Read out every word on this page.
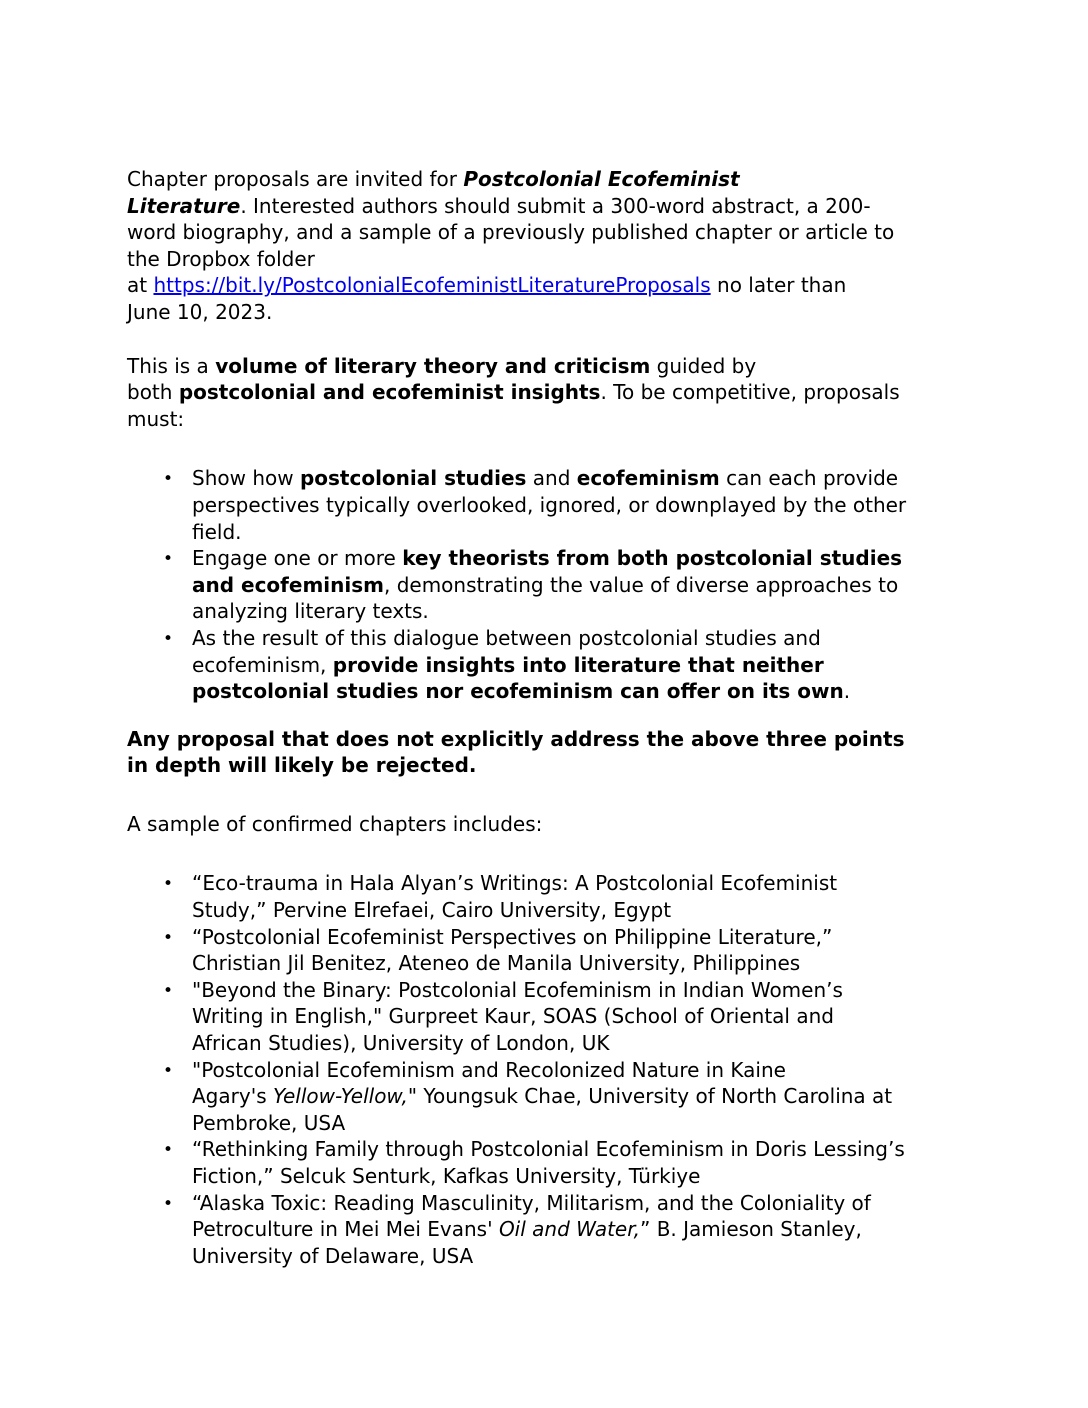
Chapter proposals are invited for Postcolonial Ecofeminist
Literature. Interested authors should submit a 300-word abstract, a 200-
word biography, and a sample of a previously published chapter or article to
the Dropbox folder
at https://bit.ly/PostcolonialEcofeministLiteratureProposals no later than
June 10, 2023.
This is a volume of literary theory and criticism guided by
both postcolonial and ecofeminist insights. To be competitive, proposals
must:
• Show how postcolonial studies and ecofeminism can each provide
perspectives typically overlooked, ignored, or downplayed by the other
field.
• Engage one or more key theorists from both postcolonial studies
and ecofeminism, demonstrating the value of diverse approaches to
analyzing literary texts.
• As the result of this dialogue between postcolonial studies and
ecofeminism, provide insights into literature that neither
postcolonial studies nor ecofeminism can offer on its own.
Any proposal that does not explicitly address the above three points
in depth will likely be rejected.
A sample of confirmed chapters includes:
• “Eco-trauma in Hala Alyan’s Writings: A Postcolonial Ecofeminist
Study,” Pervine Elrefaei, Cairo University, Egypt
• “Postcolonial Ecofeminist Perspectives on Philippine Literature,”
Christian Jil Benitez, Ateneo de Manila University, Philippines
• "Beyond the Binary: Postcolonial Ecofeminism in Indian Women’s
Writing in English," Gurpreet Kaur, SOAS (School of Oriental and
African Studies), University of London, UK
• "Postcolonial Ecofeminism and Recolonized Nature in Kaine
Agary's Yellow-Yellow," Youngsuk Chae, University of North Carolina at
Pembroke, USA
• “Rethinking Family through Postcolonial Ecofeminism in Doris Lessing’s
Fiction,” Selcuk Senturk, Kafkas University, Türkiye
• “Alaska Toxic: Reading Masculinity, Militarism, and the Coloniality of
Petroculture in Mei Mei Evans' Oil and Water,” B. Jamieson Stanley,
University of Delaware, USA
